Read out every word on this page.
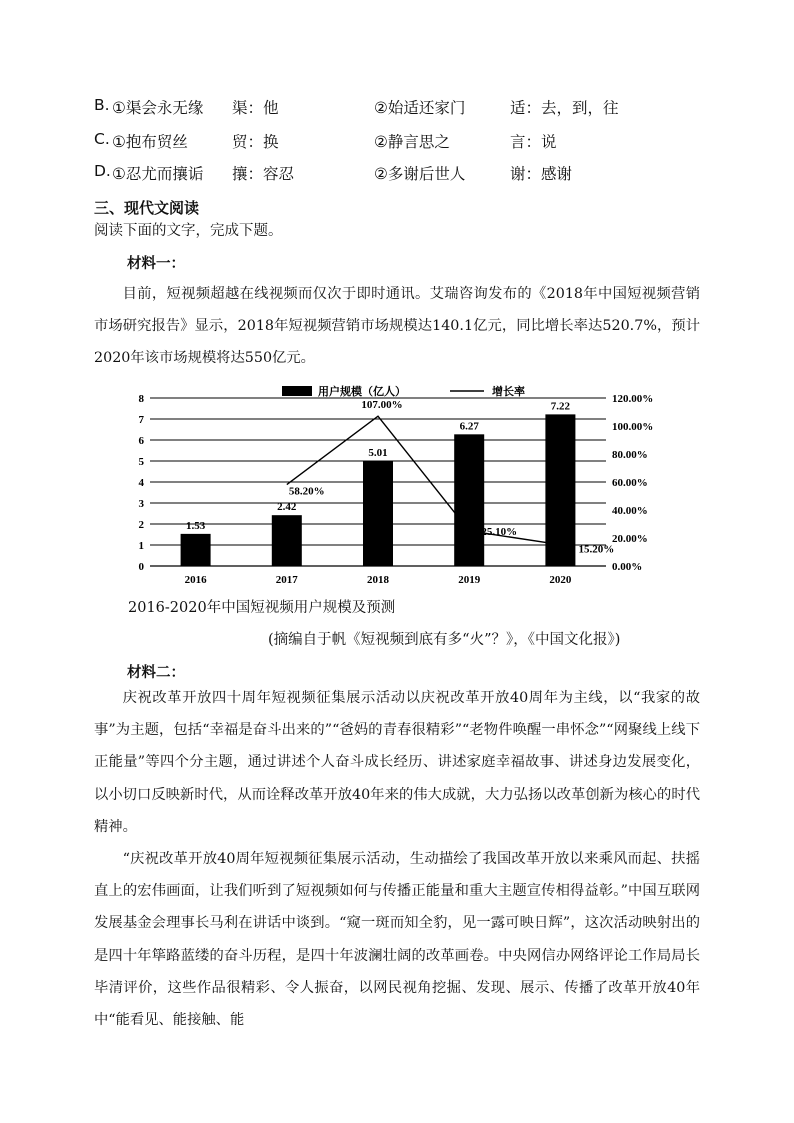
B. ①渠会永无缘 渠：他	②始适还家门	适：去，到，往
C. ①抱布贸丝	贸：换	②静言思之	言：说
D. ①忍尤而攘诟 攘：容忍	②多谢后世人	谢：感谢
三、现代文阅读
阅读下面的文字，完成下题。
材料一：
目前，短视频超越在线视频而仅次于即时通讯。艾瑞咨询发布的《2018年中国短视频营销市场研究报告》显示，2018年短视频营销市场规模达140.1亿元，同比增长率达520.7%，预计2020年该市场规模将达550亿元。
0
1
2
3
4
5
6
7
8
0.00%
20.00%
40.00%
60.00%
80.00%
100.00%
120.00%
1.53
2.42
5.01
6.27
7.22
58.20%
107.00%
25.10%
15.20%
2016	2017	2018	2019	2020
用户规模（亿人）	增长率
2016-2020年中国短视频用户规模及预测
(摘编自于帆《短视频到底有多“火”？》，《中国文化报》)
材料二：
庆祝改革开放四十周年短视频征集展示活动以庆祝改革开放40周年为主线，以“我家的故事”为主题，包括“幸福是奋斗出来的”“爸妈的青春很精彩”“老物件唤醒一串怀念”“网聚线上线下正能量”等四个分主题，通过讲述个人奋斗成长经历、讲述家庭幸福故事、讲述身边发展变化，以小切口反映新时代，从而诠释改革开放40年来的伟大成就，大力弘扬以改革创新为核心的时代精神。
“庆祝改革开放40周年短视频征集展示活动，生动描绘了我国改革开放以来乘风而起、扶摇直上的宏伟画面，让我们听到了短视频如何与传播正能量和重大主题宣传相得益彰。”中国互联网发展基金会理事长马利在讲话中谈到。“窥一斑而知全豹，见一露可映日辉”，这次活动映射出的是四十年筚路蓝缕的奋斗历程，是四十年波澜壮阔的改革画卷。中央网信办网络评论工作局局长毕清评价，这些作品很精彩、令人振奋，以网民视角挖掘、发现、展示、传播了改革开放40年中“能看见、能接触、能
